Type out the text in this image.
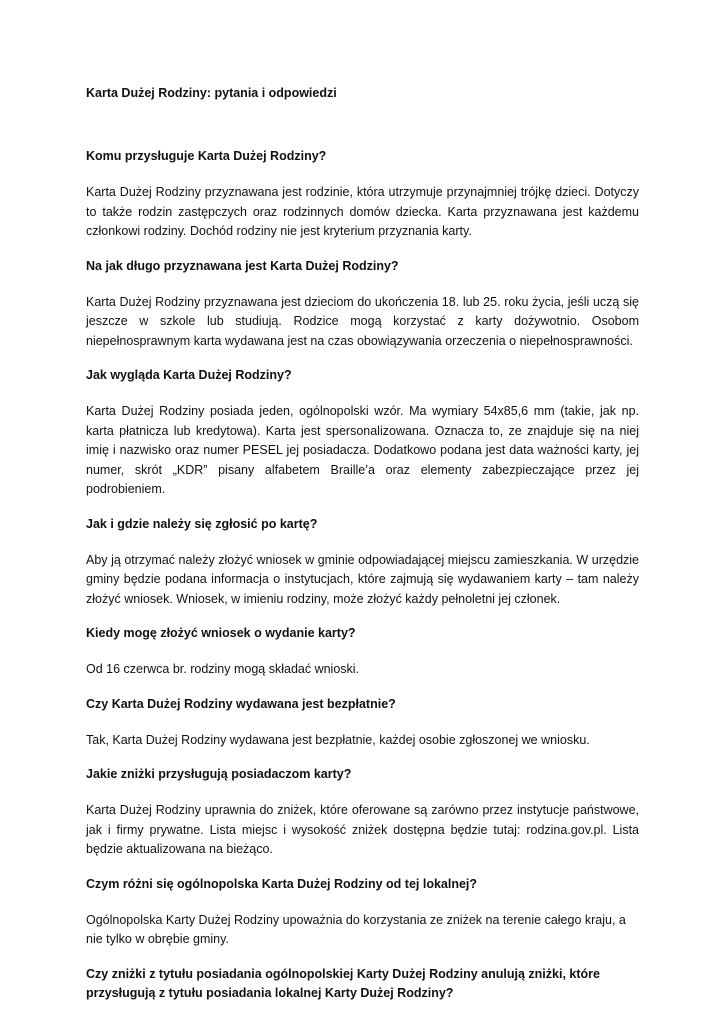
Karta Dużej Rodziny: pytania i odpowiedzi
Komu przysługuje Karta Dużej Rodziny?
Karta Dużej Rodziny przyznawana jest rodzinie, która utrzymuje przynajmniej trójkę dzieci. Dotyczy to także rodzin zastępczych oraz rodzinnych domów dziecka. Karta przyznawana jest każdemu członkowi rodziny. Dochód rodziny nie jest kryterium przyznania karty.
Na jak długo przyznawana jest Karta Dużej Rodziny?
Karta Dużej Rodziny przyznawana jest dzieciom do ukończenia 18. lub 25. roku życia, jeśli uczą się jeszcze w szkole lub studiują. Rodzice mogą korzystać z karty dożywotnio. Osobom niepełnosprawnym karta wydawana jest na czas obowiązywania orzeczenia o niepełnosprawności.
Jak wygląda Karta Dużej Rodziny?
Karta Dużej Rodziny posiada jeden, ogólnopolski wzór. Ma wymiary 54x85,6 mm (takie, jak np. karta płatnicza lub kredytowa). Karta jest spersonalizowana. Oznacza to, ze znajduje się na niej imię i nazwisko oraz numer PESEL jej posiadacza. Dodatkowo podana jest data ważności karty, jej numer, skrót „KDR” pisany alfabetem Braille’a oraz elementy zabezpieczające przez jej podrobieniem.
Jak i gdzie należy się zgłosić po kartę?
Aby ją otrzymać należy złożyć wniosek w gminie odpowiadającej miejscu zamieszkania. W urzędzie gminy będzie podana informacja o instytucjach, które zajmują się wydawaniem karty – tam należy złożyć wniosek. Wniosek, w imieniu rodziny, może złożyć każdy pełnoletni jej członek.
Kiedy mogę złożyć wniosek o wydanie karty?
Od 16 czerwca br. rodziny mogą składać wnioski.
Czy Karta Dużej Rodziny wydawana jest bezpłatnie?
Tak, Karta Dużej Rodziny wydawana jest bezpłatnie, każdej osobie zgłoszonej we wniosku.
Jakie zniżki przysługują posiadaczom karty?
Karta Dużej Rodziny uprawnia do zniżek, które oferowane są zarówno przez instytucje państwowe, jak i firmy prywatne. Lista miejsc i wysokość zniżek dostępna będzie tutaj: rodzina.gov.pl. Lista będzie aktualizowana na bieżąco.
Czym różni się ogólnopolska Karta Dużej Rodziny od tej lokalnej?
Ogólnopolska Karty Dużej Rodziny upoważnia do korzystania ze zniżek na terenie całego kraju, a nie tylko w obrębie gminy.
Czy zniżki z tytułu posiadania ogólnopolskiej Karty Dużej Rodziny anulują zniżki, które przysługują z tytułu posiadania lokalnej Karty Dużej Rodziny?
